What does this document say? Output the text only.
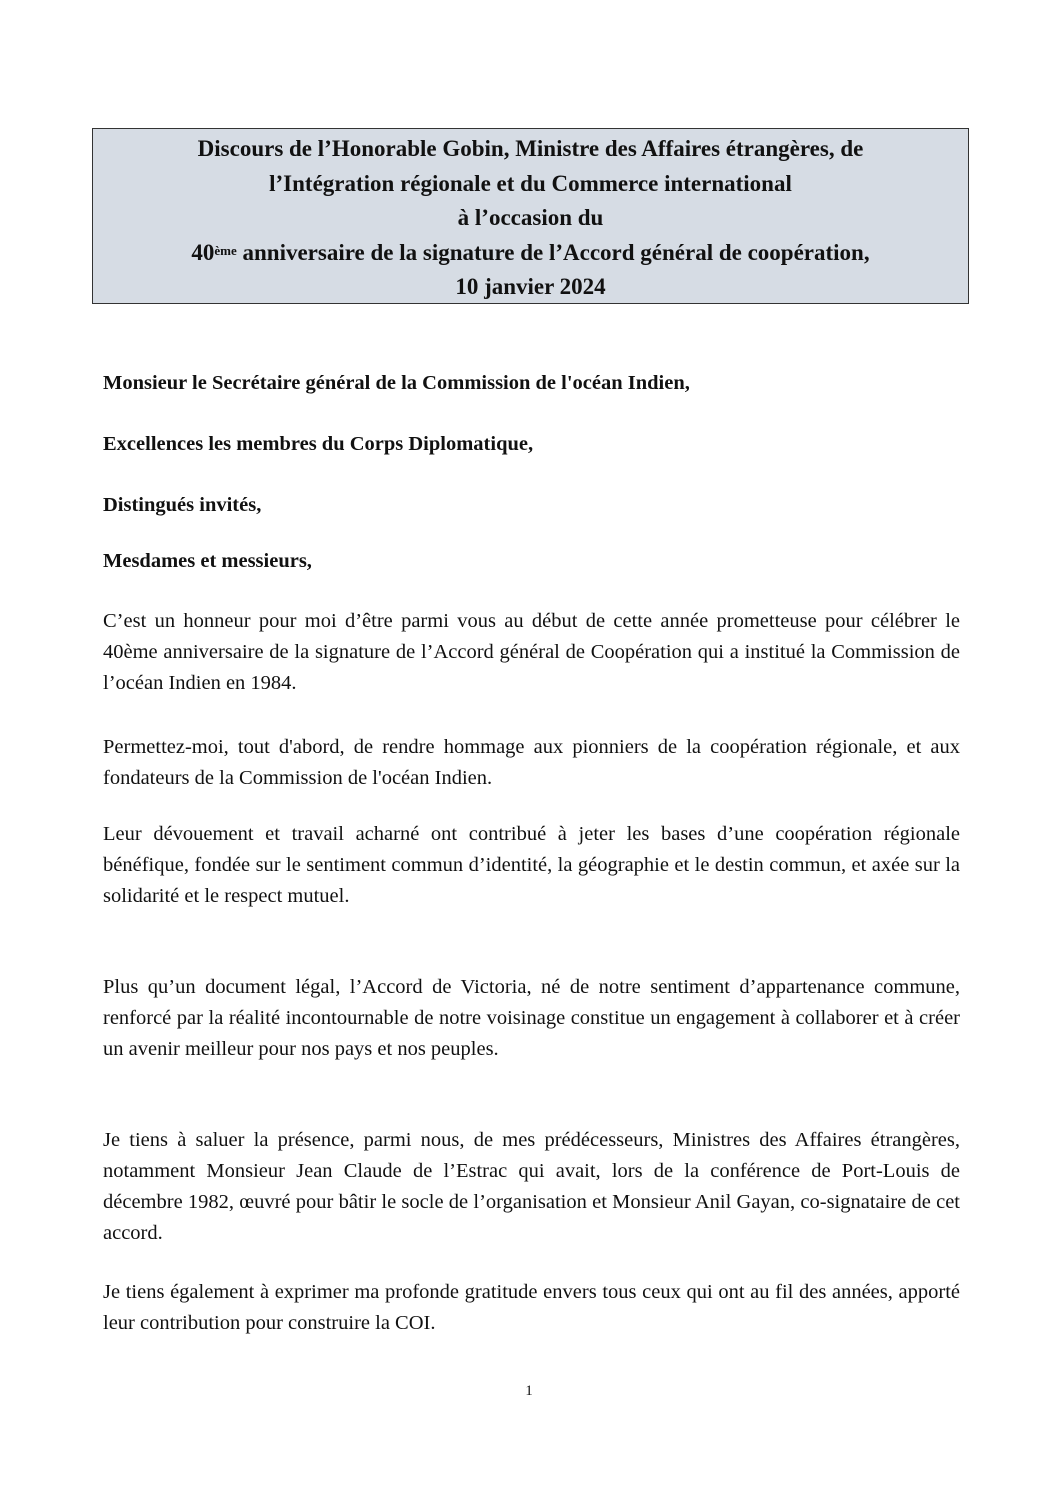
Discours de l’Honorable Gobin, Ministre des Affaires étrangères, de
l’Intégration régionale et du Commerce international
à l’occasion du
40ème anniversaire de la signature de l’Accord général de coopération,
10 janvier 2024
Monsieur le Secrétaire général de la Commission de l'océan Indien,
Excellences les membres du Corps Diplomatique,
Distingués invités,
Mesdames et messieurs,
C’est un honneur pour moi d’être parmi vous au début de cette année prometteuse pour célébrer le 40ème anniversaire de la signature de l’Accord général de Coopération qui a institué la Commission de l’océan Indien en 1984.
Permettez-moi, tout d'abord, de rendre hommage aux pionniers de la coopération régionale, et aux fondateurs de la Commission de l'océan Indien.
Leur dévouement et travail acharné ont contribué à jeter les bases d’une coopération régionale bénéfique, fondée sur le sentiment commun d’identité, la géographie et le destin commun, et axée sur la solidarité et le respect mutuel.
Plus qu’un document légal, l’Accord de Victoria, né de notre sentiment d’appartenance commune, renforcé par la réalité incontournable de notre voisinage constitue un engagement à collaborer et à créer un avenir meilleur pour nos pays et nos peuples.
Je tiens à saluer la présence, parmi nous, de mes prédécesseurs, Ministres des Affaires étrangères, notamment Monsieur Jean Claude de l’Estrac qui avait, lors de la conférence de Port-Louis de décembre 1982, œuvré pour bâtir le socle de l’organisation et Monsieur Anil Gayan, co-signataire de cet accord.
Je tiens également à exprimer ma profonde gratitude envers tous ceux qui ont au fil des années, apporté leur contribution pour construire la COI.
1
